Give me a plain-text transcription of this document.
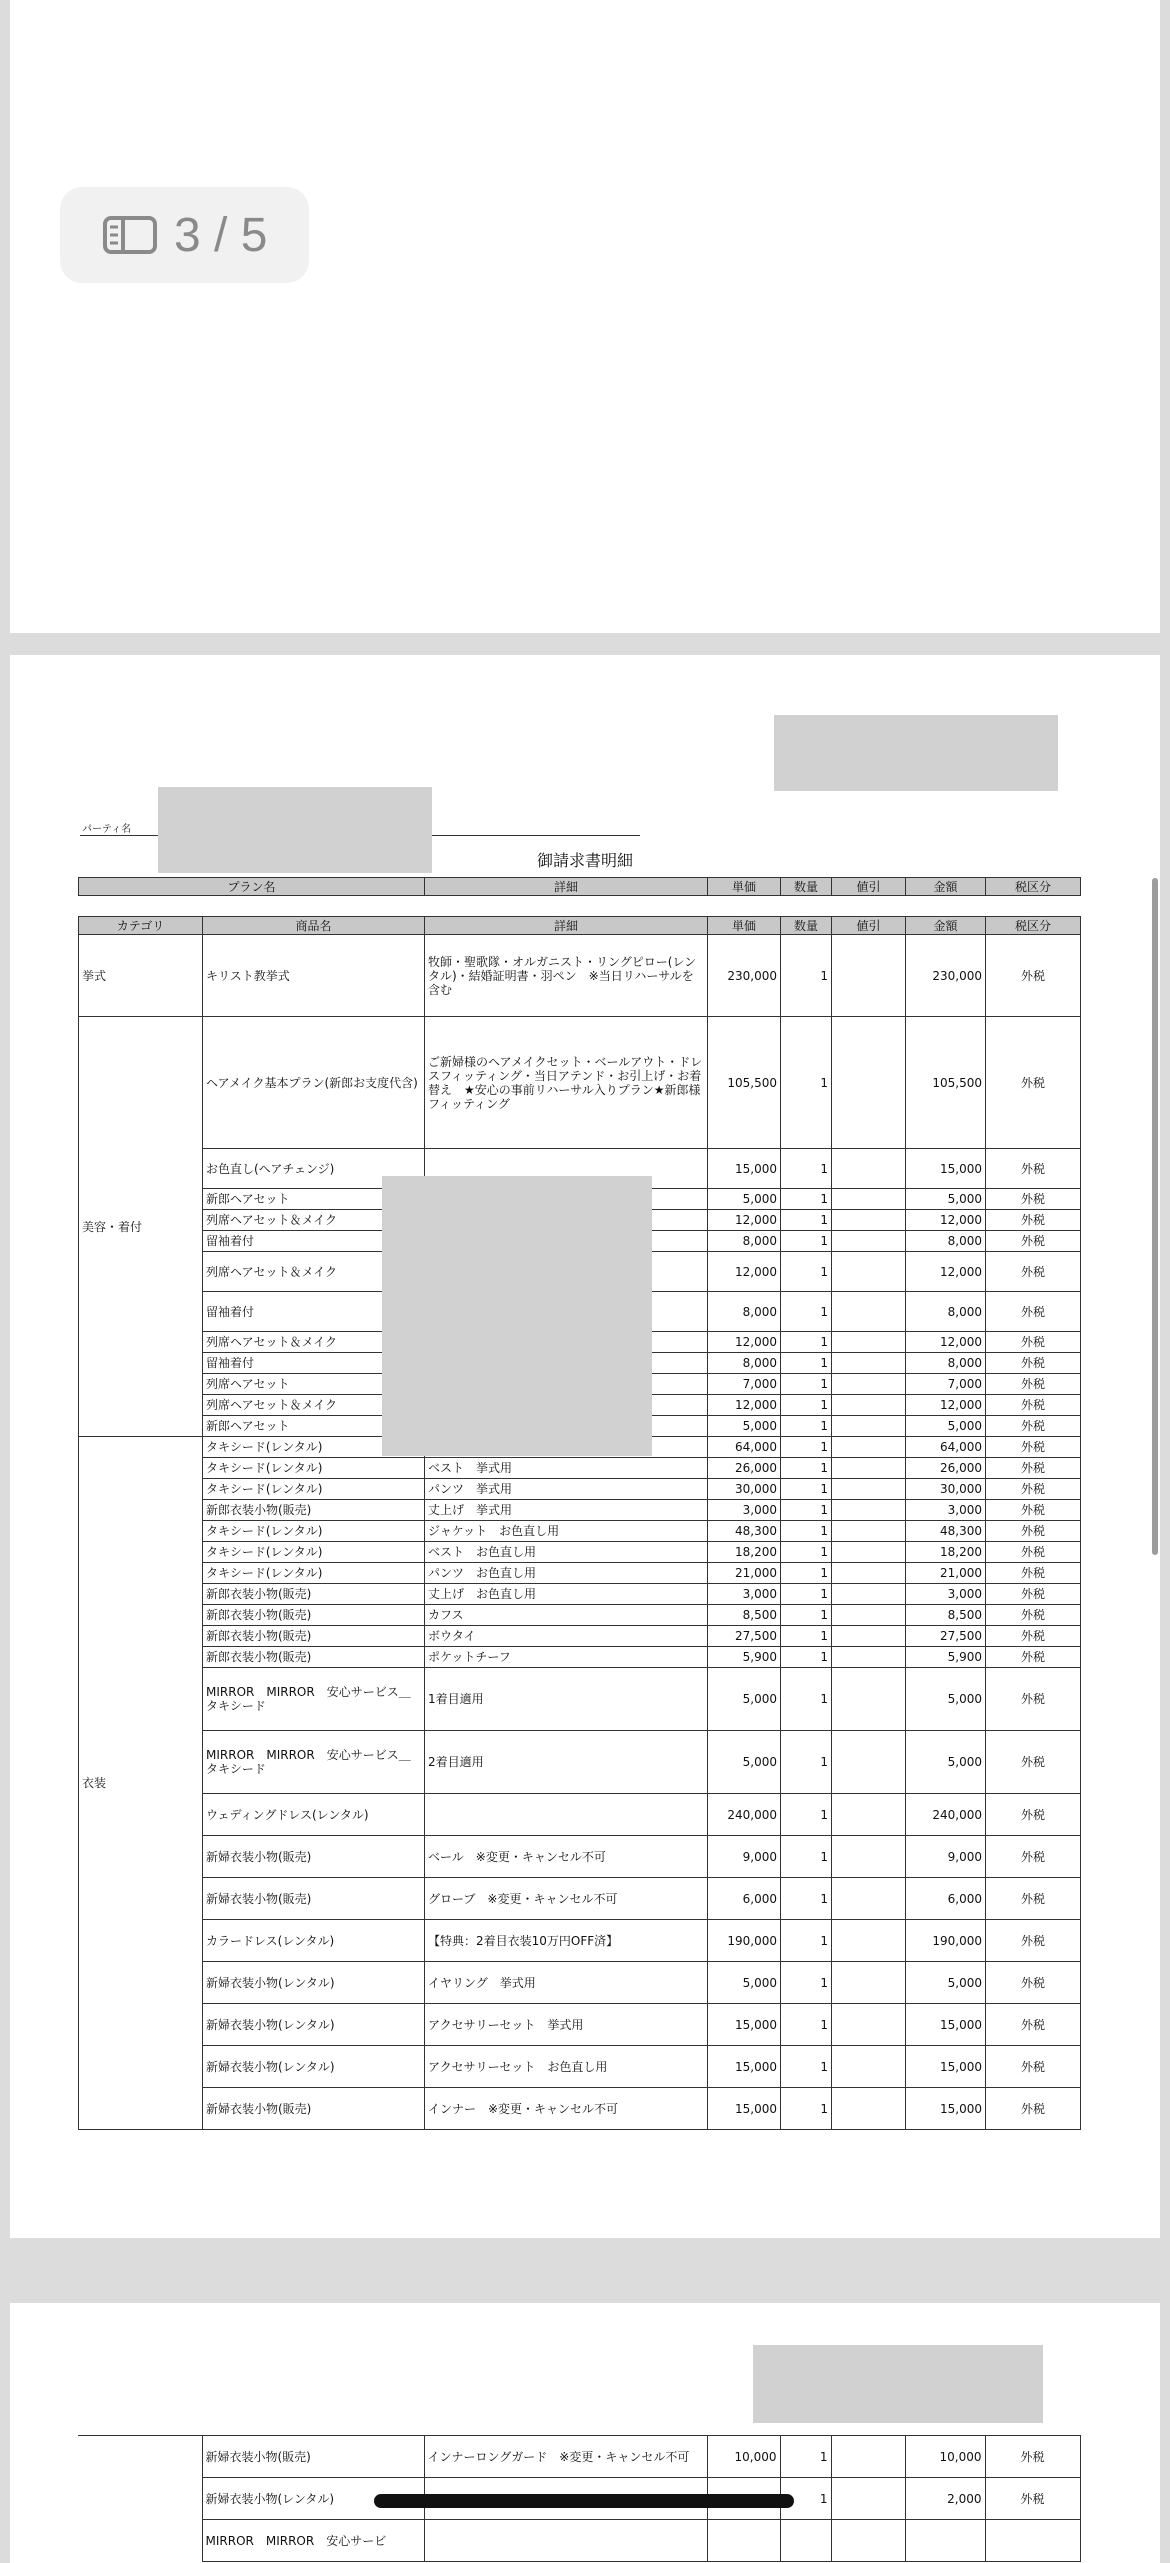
3 / 5
パーティ名
御請求書明細
プラン名	詳細	単価	数量	値引	金額	税区分
カテゴリ	商品名	詳細	単価	数量	値引	金額	税区分
挙式	キリスト教挙式	牧師・聖歌隊・オルガニスト・リングピロー(レンタル)・結婚証明書・羽ペン　※当日リハーサルを含む	230,000	1		230,000	外税
美容・着付	ヘアメイク基本プラン(新郎お支度代含)	ご新婦様のヘアメイクセット・ベールアウト・ドレスフィッティング・当日アテンド・お引上げ・お着替え　★安心の事前リハーサル入りプラン★新郎様フィッティング	105,500	1		105,500	外税
	お色直し(ヘアチェンジ)		15,000	1		15,000	外税
	新郎ヘアセット		5,000	1		5,000	外税
	列席ヘアセット＆メイク		12,000	1		12,000	外税
	留袖着付		8,000	1		8,000	外税
	列席ヘアセット＆メイク		12,000	1		12,000	外税
	留袖着付		8,000	1		8,000	外税
	列席ヘアセット＆メイク		12,000	1		12,000	外税
	留袖着付		8,000	1		8,000	外税
	列席ヘアセット		7,000	1		7,000	外税
	列席ヘアセット＆メイク		12,000	1		12,000	外税
	新郎ヘアセット		5,000	1		5,000	外税
衣装	タキシード(レンタル)		64,000	1		64,000	外税
	タキシード(レンタル)	ベスト　挙式用	26,000	1		26,000	外税
	タキシード(レンタル)	パンツ　挙式用	30,000	1		30,000	外税
	新郎衣装小物(販売)	丈上げ　挙式用	3,000	1		3,000	外税
	タキシード(レンタル)	ジャケット　お色直し用	48,300	1		48,300	外税
	タキシード(レンタル)	ベスト　お色直し用	18,200	1		18,200	外税
	タキシード(レンタル)	パンツ　お色直し用	21,000	1		21,000	外税
	新郎衣装小物(販売)	丈上げ　お色直し用	3,000	1		3,000	外税
	新郎衣装小物(販売)	カフス	8,500	1		8,500	外税
	新郎衣装小物(販売)	ボウタイ	27,500	1		27,500	外税
	新郎衣装小物(販売)	ポケットチーフ	5,900	1		5,900	外税
	MIRROR　MIRROR　安心サービス＿タキシード	1着目適用	5,000	1		5,000	外税
	MIRROR　MIRROR　安心サービス＿タキシード	2着目適用	5,000	1		5,000	外税
	ウェディングドレス(レンタル)		240,000	1		240,000	外税
	新婦衣装小物(販売)	ベール　※変更・キャンセル不可	9,000	1		9,000	外税
	新婦衣装小物(販売)	グローブ　※変更・キャンセル不可	6,000	1		6,000	外税
	カラードレス(レンタル)	【特典：2着目衣装10万円OFF済】	190,000	1		190,000	外税
	新婦衣装小物(レンタル)	イヤリング　挙式用	5,000	1		5,000	外税
	新婦衣装小物(レンタル)	アクセサリーセット　挙式用	15,000	1		15,000	外税
	新婦衣装小物(レンタル)	アクセサリーセット　お色直し用	15,000	1		15,000	外税
	新婦衣装小物(販売)	インナー　※変更・キャンセル不可	15,000	1		15,000	外税
	新婦衣装小物(販売)	インナーロングガード　※変更・キャンセル不可	10,000	1		10,000	外税
	新婦衣装小物(レンタル)			1		2,000	外税
	MIRROR　MIRROR　安心サービ						
